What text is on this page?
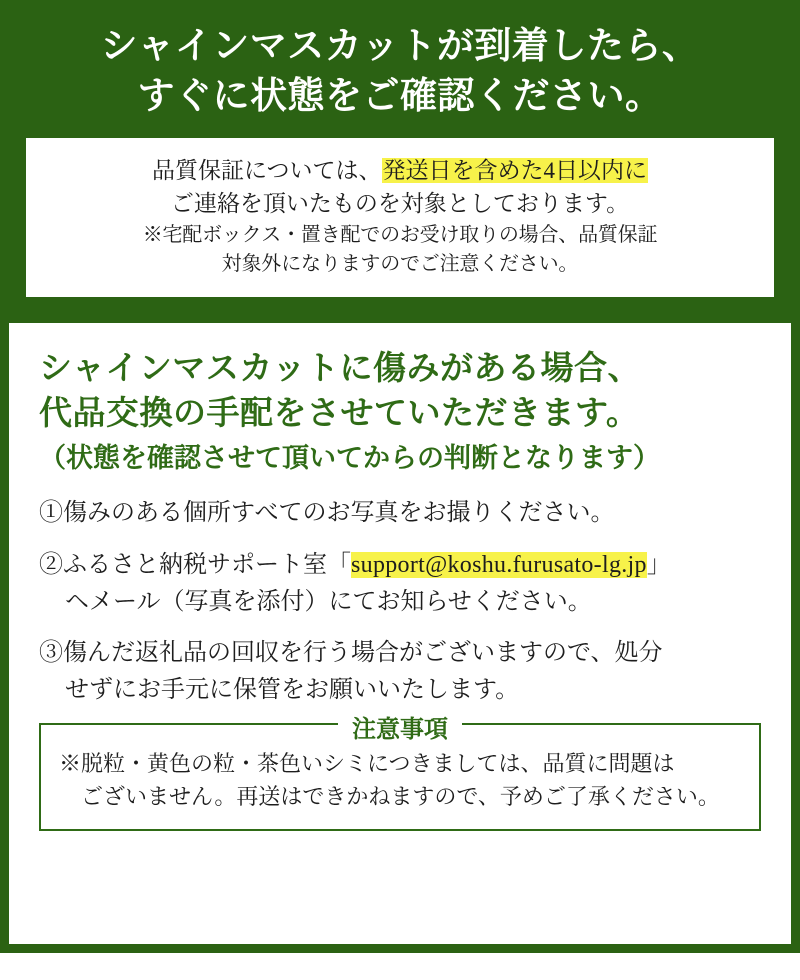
シャインマスカットが到着したら、
すぐに状態をご確認ください。
品質保証については、発送日を含めた4日以内に
ご連絡を頂いたものを対象としております。
※宅配ボックス・置き配でのお受け取りの場合、品質保証
対象外になりますのでご注意ください。
シャインマスカットに傷みがある場合、
代品交換の手配をさせていただきます。
（状態を確認させて頂いてからの判断となります）
①傷みのある個所すべてのお写真をお撮りください。
②ふるさと納税サポート室「support@koshu.furusato-lg.jp」
ヘメール（写真を添付）にてお知らせください。
③傷んだ返礼品の回収を行う場合がございますので、処分
せずにお手元に保管をお願いいたします。
注意事項
※脱粒・黄色の粒・茶色いシミにつきましては、品質に問題は
ございません。再送はできかねますので、予めご了承ください。
